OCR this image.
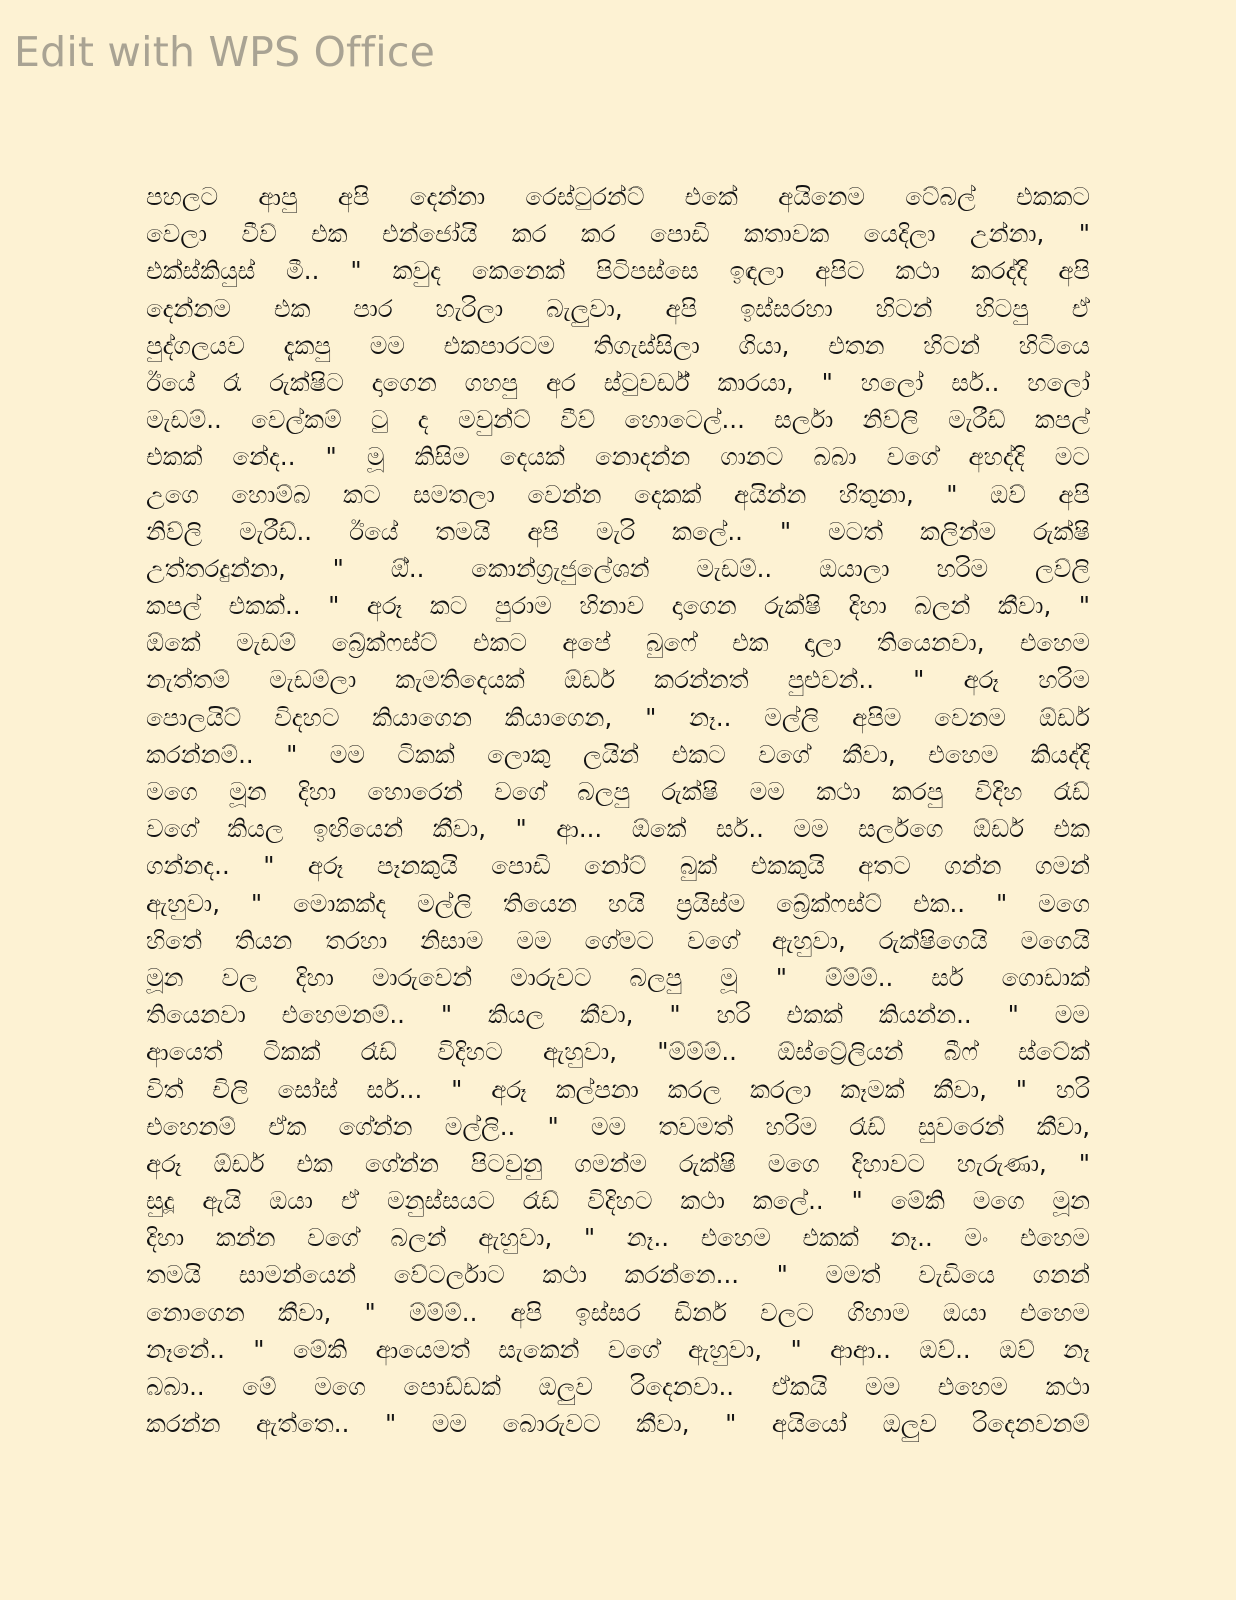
Edit with WPS Office
පහලට ආපු අපි දෙන්නා රෙස්ටුරන්ට් එකේ අයිනෙම ටේබල් එකකට
වෙලා වීව් එක එන්ජෝයි කර කර පොඩි කතාවක යෙදිලා උන්නා, "
එක්ස්කියුස් මී.. " කවුද කෙනෙක් පිටිපස්සෙ ඉඳලා අපිට කථා කරද්දි අපි
දෙන්නම එක පාර හැරිලා බැලුවා, අපි ඉස්සරහා හිටන් හිටපු ඒ
පුද්ගලයව දැකපු මම එකපාරටම තිගැස්සිලා ගියා, එතන හිටන් හිටියෙ
ඊයේ රෑ රුක්ෂිට දාගෙන ගහපු අර ස්ටුවර්ඩ් කාරයා, " හලෝ සර්.. හලෝ
මැඩම්.. වෙල්කම් ටු ද මවුන්ට් වීව් හොටෙල්... සර්ලා නිව්ලි මැරීඩ් කපල්
එකක් නේද.. " මූ කිසිම දෙයක් නොදන්න ගානට බබා වගේ අහද්දි මට
උගෙ හොම්බ කට සමතලා වෙන්න දෙකක් අයින්න හිතුනා, " ඔව් අපි
නිව්ලි මැරීඩ්.. ඊයේ තමයි අපි මැරි කලේ.. " මටත් කලින්ම රුක්ෂි
උත්තරදුන්නා, " ඕ්.. කොන්ග්‍රැජුලේශන් මැඩම්.. ඔයාලා හරිම ලව්ලි
කපල් එකක්.. " අරූ කට පුරාම හිනාව දාගෙන රුක්ෂි දිහා බලන් කීවා, "
ඕකේ මැඩම් බ්‍රේක්ෆස්ට් එකට අපේ බුෆේ එක දාලා තියෙනවා, එහෙම
නැත්තම් මැඩම්ලා කැමතිදෙයක් ඕඩර් කරන්නත් පුළුවන්.. " අරූ හරිම
පොලයිට් විදහට කියාගෙන කියාගෙන, " නෑ.. මල්ලි අපිම වෙනම ඕඩර්
කරන්නම්.. " මම ටිකක් ලොකු ලයින් එකට වගේ කීවා, එහෙම කියද්දි
මගෙ මූන දිහා හොරෙන් වගේ බලපු රුක්ෂි මම කථා කරපු විදිහ රෑඩ්
වගේ කියල ඉඟියෙන් කීවා, " ආ... ඕකේ සර්.. මම සර්ලගෙ ඕඩර් එක
ගන්නද.. " අරූ පෑනකුයි පොඩි නෝට් බුක් එකකුයි අතට ගන්න ගමන්
ඇහුවා, " මොකක්ද මල්ලි තියෙන හයි ප්‍රයිස්ම බ්‍රේක්ෆස්ට් එක.. " මගෙ
හිතේ තියන තරහා නිසාම මම ගේමට වගේ ඇහුවා, රුක්ෂිගෙයි මගෙයි
මූන වල දිහා මාරුවෙන් මාරුවට බලපු මූ " ම්ම්ම්.. සර් ගොඩාක්
තියෙනවා එහෙමනම්.. " කියල කීවා, " හරි එකක් කියන්න.. " මම
ආයෙත් ටිකක් රෑඩ් විදිහට ඇහුවා, "ම්ම්ම්.. ඕස්ට්‍රේලියන් බීෆ් ස්ටේක්
විත් චිලි සෝස් සර්... " අරූ කල්පනා කරල කරලා කෑමක් කීවා, " හරි
එහෙනම් ඒක ගේන්න මල්ලි.. " මම තවමත් හරිම රෑඩ් සුවරෙන් කීවා,
අරූ ඕඩර් එක ගේන්න පිටවුනු ගමන්ම රුක්ෂි මගෙ දිහාවට හැරුණා, "
සුදූ ඇයි ඔයා ඒ මනුස්සයට රෑඩ් විදිහට කථා කලේ.. " මේකි මගෙ මූන
දිහා කන්න වගේ බලන් ඇහුවා, " නෑ.. එහෙම එකක් නෑ.. මං එහෙම
තමයි සාමන්යෙන් වේටර්ලාට කථා කරන්නෙ... " මමත් වැඩියෙ ගනන්
නොගෙන කීවා, " ම්ම්ම්.. අපි ඉස්සර ඩිනර් වලට ගිහාම ඔයා එහෙම
නෑනේ.. " මේකි ආයෙමත් සැකෙන් වගේ ඇහුවා, " ආආ.. ඔව්.. ඔව් නෑ
බබා.. මේ මගෙ පොඩ්ඩක් ඔලුව රිදෙනවා.. ඒකයි මම එහෙම කථා
කරන්න ඇත්තෙ.. " මම බොරුවට කීවා, " අයියෝ ඔලුව රිදෙනවනම්
